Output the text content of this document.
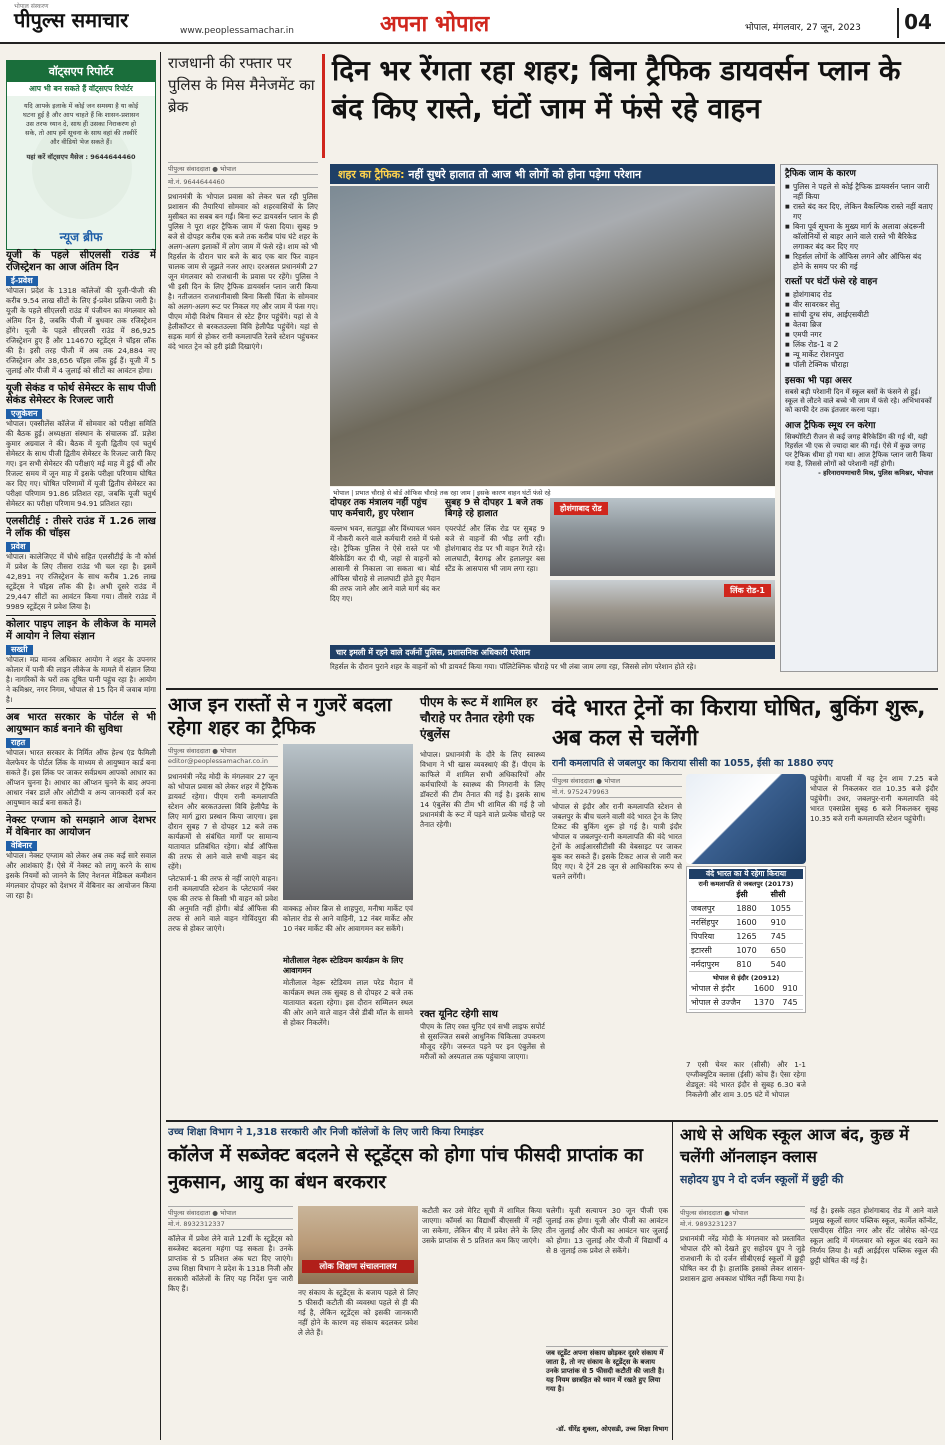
भोपाल संस्करण
पीपुल्स समाचार	www.peoplessamachar.in	अपना भोपाल	भोपाल, मंगलवार, 27 जून, 2023	04
वॉट्सएप रिपोर्टर
आप भी बन सकते हैं वॉट्सएप रिपोर्टर
यदि आपके इलाके में कोई जन समस्या है या कोई घटना हुई है और आप चाहते हैं कि शासन-प्रशासन उस तरफ ध्यान दे, साथ ही उसका निराकरण हो सके, तो आप हमें सूचना के साथ वहां की तस्वीरें और वीडियो भेज सकते हैं।
यहां करें वॉट्सएप मैसेज : 9644644460
न्यूज ब्रीफ
यूजी के पहले सीएलसी राउंड में रजिस्ट्रेशन का आज अंतिम दिन
ई-प्रवेश

भोपाल। प्रदेश के 1318 कॉलेजों की यूजी-पीजी की करीब 9.54 लाख सीटों के लिए ई-प्रवेश प्रक्रिया जारी है। यूजी के पहले सीएलसी राउंड में पंजीयन का मंगलवार को अंतिम दिन है, जबकि पीजी में बुधवार तक रजिस्ट्रेशन होंगे। यूजी के पहले सीएलसी राउंड में 86,925 रजिस्ट्रेशन हुए हैं और 114670 स्टूडेंट्स ने चॉइस लॉक की है। इसी तरह पीजी में अब तक 24,884 नए रजिस्ट्रेशन और 38,656 चॉइस लॉक हुई हैं। यूजी में 5 जुलाई और पीजी में 4 जुलाई को सीटों का आवंटन होगा।

यूजी सेकंड व फोर्थ सेमेस्टर के साथ पीजी सेकंड सेमेस्टर के रिजल्ट जारी
एजुकेशन

भोपाल। एक्सीलेंस कॉलेज में सोमवार को परीक्षा समिति की बैठक हुई। अध्यक्षता संस्थान के संचालक डॉ. प्रज्ञेश कुमार अग्रवाल ने की। बैठक में यूजी द्वितीय एवं चतुर्थ सेमेस्टर के साथ पीजी द्वितीय सेमेस्टर के रिजल्ट जारी किए गए। इन सभी सेमेस्टर की परीक्षाएं मई माह में हुई थीं और रिजल्ट समय में जून माह में इसके परीक्षा परिणाम घोषित कर दिए गए। घोषित परिणामों में यूजी द्वितीय सेमेस्टर का परीक्षा परिणाम 91.86 प्रतिशत रहा, जबकि यूजी चतुर्थ सेमेस्टर का परीक्षा परिणाम 94.91 प्रतिशत रहा।

एलसीटीई : तीसरे राउंड में 1.26 लाख ने लॉक की चॉइस
प्रवेश

भोपाल। कालेजिएट में चौथे सहित एलसीटीई के नौ कोर्स में प्रवेश के लिए तीसरा राउंड भी चल रहा है। इसमें 42,891 नए रजिस्ट्रेशन के साथ करीब 1.26 लाख स्टूडेंट्स ने चॉइस लॉक की है। अभी दूसरे राउंड में 29,447 सीटों का आवंटन किया गया। तीसरे राउंड में 9989 स्टूडेंट्स ने प्रवेश लिया है।

कोलार पाइप लाइन के लीकेज के मामले में आयोग ने लिया संज्ञान
सख्ती

भोपाल। मप्र मानव अधिकार आयोग ने शहर के उपनगर कोलार में पानी की लाइन लीकेज के मामले में संज्ञान लिया है। नागरिकों के घरों तक दूषित पानी पहुंच रहा है। आयोग ने कमिश्नर, नगर निगम, भोपाल से 15 दिन में जवाब मांगा है।

अब भारत सरकार के पोर्टल से भी आयुष्मान कार्ड बनाने की सुविधा
राहत

भोपाल। भारत सरकार के निर्मित ऑफ हेल्थ एंड फैमिली वेलफेयर के पोर्टल लिंक के माध्यम से आयुष्मान कार्ड बना सकते हैं। इस लिंक पर जाकर सर्वप्रथम आपको आधार का ऑप्शन चुनना है। आधार का ऑप्शन चुनने के बाद अपना आधार नंबर डालें और ओटीपी व अन्य जानकारी दर्ज कर आयुष्मान कार्ड बना सकते हैं।

नेक्स्ट एग्जाम को समझाने आज देशभर में वेबिनार का आयोजन
वेबिनार

भोपाल। नेक्स्ट एग्जाम को लेकर अब तक कई सारे सवाल और आशंकाएं हैं। ऐसे में नेक्स्ट को लागू करने के साथ इसके नियमों को जानने के लिए नेशनल मेडिकल कमीशन मंगलवार दोपहर को देशभर में वेबिनार का आयोजन किया जा रहा है।

राजधानी की रफ्तार पर पुलिस के मिस मैनेजमेंट का ब्रेक
दिन भर रेंगता रहा शहर; बिना ट्रैफिक डायवर्सन प्लान के बंद किए रास्ते, घंटों जाम में फंसे रहे वाहन
पीपुल्स संवाददाता ● भोपाल
मो.नं. 9644644460
प्रधानमंत्री के भोपाल प्रवास को लेकर चल रही पुलिस प्रशासन की तैयारियां सोमवार को शहरवासियों के लिए मुसीबत का सबब बन गईं। बिना रूट डायवर्सन प्लान के ही पुलिस ने पूरा शहर ट्रैफिक जाम में फंसा दिया। सुबह 9 बजे से दोपहर करीब एक बजे तक करीब पांच घंटे शहर के अलग-अलग इलाकों में लोग जाम में फंसे रहे। शाम को भी रिहर्सल के दौरान चार बजे के बाद एक बार फिर वाहन चालक जाम से जूझते नजर आए। दरअसल प्रधानमंत्री 27 जून मंगलवार को राजधानी के प्रवास पर रहेंगे। पुलिस ने भी इसी दिन के लिए ट्रैफिक डायवर्सन प्लान जारी किया है। नतीजतन राजधानीवासी बिना किसी चिंता के सोमवार को अलग-अलग रूट पर निकल गए और जाम में फंस गए। पीएम मोदी विशेष विमान से स्टेट हैंगर पहुंचेंगे। यहां से वे हेलीकॉप्टर से बरकतउल्ला विवि हेलीपैड पहुंचेंगे। यहां से सड़क मार्ग से होकर रानी कमलापति रेलवे स्टेशन पहुंचकर वंदे भारत ट्रेन को हरी झंडी दिखाएंगे।
शहर का ट्रैफिक: नहीं सुधरे हालात तो आज भी लोगों को होना पड़ेगा परेशान
भोपाल | प्रभात चौराहे से बोर्ड ऑफिस चौराहे तक रहा जाम | इसके कारण वाहन घंटों फंसे रहे
ट्रैफिक जाम के कारण
■ पुलिस ने पहले से कोई ट्रैफिक डायवर्सन प्लान जारी नहीं किया
■ रास्ते बंद कर दिए, लेकिन वैकल्पिक रास्ते नहीं बताए गए
■ बिना पूर्व सूचना के मुख्य मार्ग के अलावा अंदरूनी कॉलोनियों से बाहर आने वाले रास्ते भी बैरिकेड लगाकर बंद कर दिए गए
■ रिहर्सल लोगों के ऑफिस लगने और ऑफिस बंद होने के समय पर की गई
रास्तों पर घंटों फंसे रहे वाहन
■ होशंगाबाद रोड
■ वीर सावरकर सेतु
■ सांची दुग्ध संघ, आईएसबीटी
■ वेतवा ब्रिज
■ एमपी नगर
■ लिंक रोड-1 व 2
■ न्यू मार्केट रोशनपुरा
■ पॉली टेक्निक चौराहा
इसका भी पड़ा असर

सबसे बड़ी परेशानी दिन में स्कूल बसों के फंसने से हुई। स्कूल से लौटने वाले बच्चे भी जाम में फंसे रहे। अभिभावकों को काफी देर तक इंतजार करना पड़ा।

आज ट्रैफिक स्मूथ रन करेगा

सिक्योरिटी रीजन से कई जगह बैरिकेडिंग की गई थी, यही रिहर्सल भी एक से ज्यादा बार की गई। ऐसे में कुछ जगह पर ट्रैफिक धीमा हो गया था। आज ट्रैफिक प्लान जारी किया गया है, जिससे लोगों को परेशानी नहीं होगी।

- हरिनारायणाचारी मिश्र, पुलिस कमिश्नर, भोपाल

दोपहर तक मंत्रालय नहीं पहुंच पाए कर्मचारी, हुए परेशान
वल्लभ भवन, सतपुड़ा और विंध्याचल भवन में नौकरी करने वाले कर्मचारी रास्ते में फंसे रहे। ट्रैफिक पुलिस ने ऐसे रास्ते पर भी बैरिकेडिंग कर दी थी, जहां से वाहनों को आसानी से निकाला जा सकता था। बोर्ड ऑफिस चौराहे से लालघाटी होते हुए मैदान की तरफ जाने और आने वाले मार्ग बंद कर दिए गए।
सुबह 9 से दोपहर 1 बजे तक बिगड़े रहे हालात
एयरपोर्ट और लिंक रोड पर सुबह 9 बजे से वाहनों की भीड़ लगी रही। होशंगाबाद रोड पर भी वाहन रेंगते रहे। लालघाटी, बैरागढ़ और हलालपुर बस स्टैंड के आसपास भी जाम लगा रहा।
होशंगाबाद रोड
लिंक रोड-1
चार इमली में रहने वाले दर्जनों पुलिस, प्रशासनिक अधिकारी परेशान
रिहर्सल के दौरान पुराने शहर के वाहनों को भी डायवर्ट किया गया। पॉलिटेक्निक चौराहे पर भी लंबा जाम लगा रहा, जिससे लोग परेशान होते रहे।
आज इन रास्तों से न गुजरें बदला रहेगा शहर का ट्रैफिक
पीपुल्स संवाददाता ● भोपाल
editor@peoplessamachar.co.in

प्रधानमंत्री नरेंद्र मोदी के मंगलवार 27 जून को भोपाल प्रवास को लेकर शहर में ट्रैफिक डायवर्ट रहेगा। पीएम रानी कमलापति स्टेशन और बरकतउल्ला विवि हेलीपैड के लिए मार्ग द्वारा प्रस्थान किया जाएगा। इस दौरान सुबह 7 से दोपहर 12 बजे तक कार्यक्रमों से संबंधित मार्गों पर सामान्य यातायात प्रतिबंधित रहेगा। बोर्ड ऑफिस की तरफ से आने वाले सभी वाहन बंद रहेंगे।

प्लेटफार्म-1 की तरफ से नहीं जाएंगे वाहन। रानी कमलापति स्टेशन के प्लेटफार्म नंबर एक की तरफ से किसी भी वाहन को प्रवेश की अनुमति नहीं होगी। बोर्ड ऑफिस की तरफ से आने वाले वाहन गोविंदपुरा की तरफ से होकर जाएंगे।

वाक्कड़ ओवर ब्रिज से शाहपुरा, मनीषा मार्केट एवं कोलार रोड से आने वाहिनी, 12 नंबर मार्केट और 10 नंबर मार्केट की ओर आवागमन कर सकेंगे।
मोतीलाल नेहरू स्टेडियम कार्यक्रम के लिए आवागमन
मोतीलाल नेहरू स्टेडियम लाल परेड मैदान में कार्यक्रम स्थल तक सुबह 8 से दोपहर 2 बजे तक यातायात बदला रहेगा। इस दौरान सम्मिलन स्थल की ओर आने वाले वाहन जैसे डीबी मॉल के सामने से होकर निकलेंगे।
पीएम के रूट में शामिल हर चौराहे पर तैनात रहेगी एक एंबुलेंस
भोपाल। प्रधानमंत्री के दौरे के लिए स्वास्थ्य विभाग ने भी खास व्यवस्थाएं की हैं। पीएम के काफिले में शामिल सभी अधिकारियों और कर्मचारियों के स्वास्थ्य की निगरानी के लिए डॉक्टरों की टीम तैनात की गई है। इसके साथ 14 एंबुलेंस की टीम भी शामिल की गई है जो प्रधानमंत्री के रूट में पड़ने वाले प्रत्येक चौराहे पर तैनात रहेगी।
रक्त यूनिट रहेगी साथ
पीएम के लिए रक्त यूनिट एवं सभी लाइफ सपोर्ट से सुसज्जित सबसे आधुनिक चिकित्सा उपकरण मौजूद रहेंगे। जरूरत पड़ने पर इन एंबुलेंस से मरीजों को अस्पताल तक पहुंचाया जाएगा।
वंदे भारत ट्रेनों का किराया घोषित, बुकिंग शुरू, अब कल से चलेंगी
रानी कमलापति से जबलपुर का किराया सीसी का 1055, ईसी का 1880 रुपए
पीपुल्स संवाददाता ● भोपाल
मो.नं. 9752479963
भोपाल से इंदौर और रानी कमलापति स्टेशन से जबलपुर के बीच चलने वाली वंदे भारत ट्रेन के लिए टिकट की बुकिंग शुरू हो गई है। यात्री इंदौर भोपाल व जबलपुर-रानी कमलापति की वंदे भारत ट्रेनों के आईआरसीटीसी की वेबसाइट पर जाकर बुक कर सकते हैं। इसके टिकट आज से जारी कर दिए गए। ये ट्रेनें 28 जून से आधिकारिक रूप से चलने लगेंगी।	वंदे भारत का ये रहेगा किराया
रानी कमलापति से जबलपुर (20173)
	ईसी	सीसी
जबलपुर	1880	1055
नरसिंहपुर	1600	910
पिपरिया	1265	745
इटारसी	1070	650
नर्मदापुरम	810	540
भोपाल से इंदौर (20912)
भोपाल से इंदौर	1600	910
भोपाल से उज्जैन	1370	745
7 एसी चेयर कार (सीसी) और 1-1 एग्जीक्यूटिव क्लास (ईसी) कोच हैं। ऐसा रहेगा शेड्यूल: वंदे भारत इंदौर से सुबह 6.30 बजे निकलेगी और शाम 3.05 घंटे में भोपाल
पहुंचेगी। वापसी में यह ट्रेन शाम 7.25 बजे भोपाल से निकलकर रात 10.35 बजे इंदौर पहुंचेगी। उधर, जबलपुर-रानी कमलापति वंदे भारत एक्सप्रेस सुबह 6 बजे निकलकर सुबह 10.35 बजे रानी कमलापति स्टेशन पहुंचेगी।
उच्च शिक्षा विभाग ने 1,318 सरकारी और निजी कॉलेजों के लिए जारी किया रिमाइंडर
कॉलेज में सब्जेक्ट बदलने से स्टूडेंट्स को होगा पांच फीसदी प्राप्तांक का नुकसान, आयु का बंधन बरकरार
पीपुल्स संवाददाता ● भोपाल
मो.नं. 8932312337
कॉलेज में प्रवेश लेने वाले 12वीं के स्टूडेंट्स को सब्जेक्ट बदलना महंगा पड़ सकता है। उनके प्राप्तांक से 5 प्रतिशत अंक घटा दिए जाएंगे। उच्च शिक्षा विभाग ने प्रदेश के 1318 निजी और सरकारी कॉलेजों के लिए यह निर्देश पुनः जारी किए हैं।
लोक शिक्षण संचालनालय
नए संकाय के स्टूडेंट्स के बजाय पहले से लिए 5 फीसदी कटौती की व्यवस्था पहले से ही की गई है, लेकिन स्टूडेंट्स को इसकी जानकारी नहीं होने के कारण वह संकाय बदलकर प्रवेश ले लेते हैं।
कटौती कर उसे मेरिट सूची में शामिल किया जाएगा। कॉमर्स का विद्यार्थी बीएससी में नहीं जा सकेगा, लेकिन बीए में प्रवेश लेने के लिए उसके प्राप्तांक से 5 प्रतिशत कम किए जाएंगे।
चलेगी। यूजी सत्यापन 30 जून पीजी एक जुलाई तक होगा। यूजी और पीजी का आवंटन तीन जुलाई और पीजी का आवंटन चार जुलाई को होगा। 13 जुलाई और पीजी में विद्यार्थी 4 से 8 जुलाई तक प्रवेश ले सकेंगे।
जब स्टूडेंट अपना संकाय छोड़कर दूसरे संकाय में जाता है, तो नए संकाय के स्टूडेंट्स के बजाय उनके प्राप्तांक से 5 फीसदी कटौती की जाती है। यह नियम छात्रहित को ध्यान में रखते हुए लिया गया है।
-डॉ. धीरेंद्र शुक्ला, ओएसडी, उच्च शिक्षा विभाग
आधे से अधिक स्कूल आज बंद, कुछ में चलेंगी ऑनलाइन क्लास
सहोदय ग्रुप ने दो दर्जन स्कूलों में छुट्टी की
पीपुल्स संवाददाता ● भोपाल
मो.नं. 9893231237
प्रधानमंत्री नरेंद्र मोदी के मंगलवार को प्रस्तावित भोपाल दौरे को देखते हुए सहोदय ग्रुप ने जुड़े राजधानी के दो दर्जन सीबीएसई स्कूलों में छुट्टी घोषित कर दी है। हालांकि इसको लेकर शासन-प्रशासन द्वारा अवकाश घोषित नहीं किया गया है।
गई है। इसके तहत होशंगाबाद रोड में आने वाले प्रमुख स्कूलों सागर पब्लिक स्कूल, कार्मेल कॉन्वेंट, एसपीएस रोहित नगर और सेंट जोसेफ को-एड स्कूल आदि में मंगलवार को स्कूल बंद रखने का निर्णय लिया है। वहीं आईईएस पब्लिक स्कूल की छुट्टी घोषित की गई है।
